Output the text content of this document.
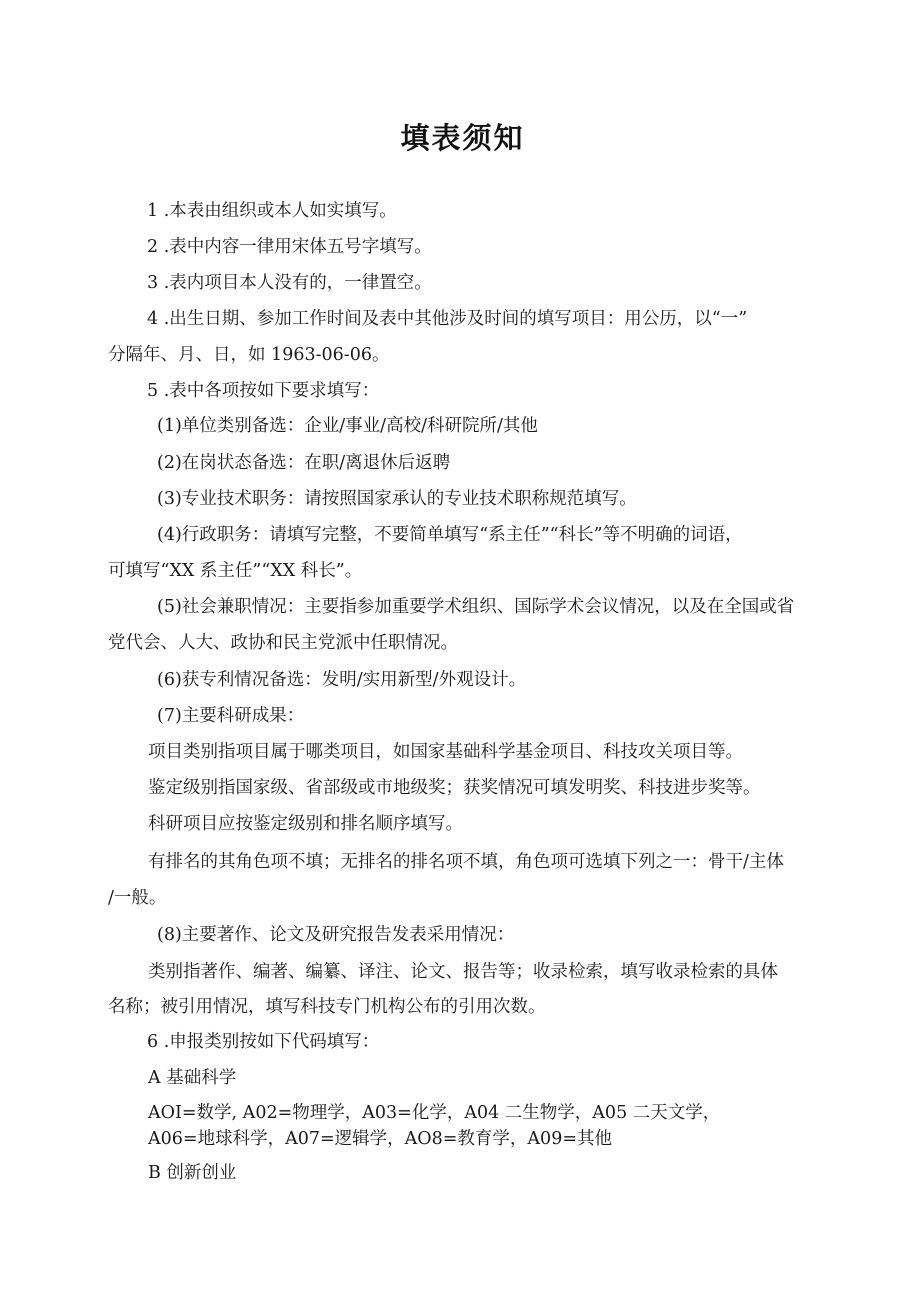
填表须知

1 .本表由组织或本人如实填写。

2 .表中内容一律用宋体五号字填写。

3 .表内项目本人没有的，一律置空。

4 .出生日期、参加工作时间及表中其他涉及时间的填写项目：用公历，以“一”

分隔年、月、日，如 1963-06-06。

5 .表中各项按如下要求填写：

(1)单位类别备选：企业/事业/高校/科研院所/其他

(2)在岗状态备选：在职/离退休后返聘

(3)专业技术职务：请按照国家承认的专业技术职称规范填写。

(4)行政职务：请填写完整，不要简单填写“系主任”“科长”等不明确的词语，

可填写“XX 系主任”“XX 科长”。

(5)社会兼职情况：主要指参加重要学术组织、国际学术会议情况，以及在全国或省

党代会、人大、政协和民主党派中任职情况。

(6)获专利情况备选：发明/实用新型/外观设计。

(7)主要科研成果：

项目类别指项目属于哪类项目，如国家基础科学基金项目、科技攻关项目等。

鉴定级别指国家级、省部级或市地级奖；获奖情况可填发明奖、科技进步奖等。

科研项目应按鉴定级别和排名顺序填写。

有排名的其角色项不填；无排名的排名项不填，角色项可选填下列之一：骨干/主体

/一般。

(8)主要著作、论文及研究报告发表采用情况：

类别指著作、编著、编纂、译注、论文、报告等；收录检索，填写收录检索的具体

名称；被引用情况，填写科技专门机构公布的引用次数。

6 .申报类别按如下代码填写：

A 基础科学

AOI=数学, A02=物理学，A03=化学，A04 二生物学，A05 二天文学，

A06=地球科学，A07=逻辑学，AO8=教育学，A09=其他

B 创新创业
